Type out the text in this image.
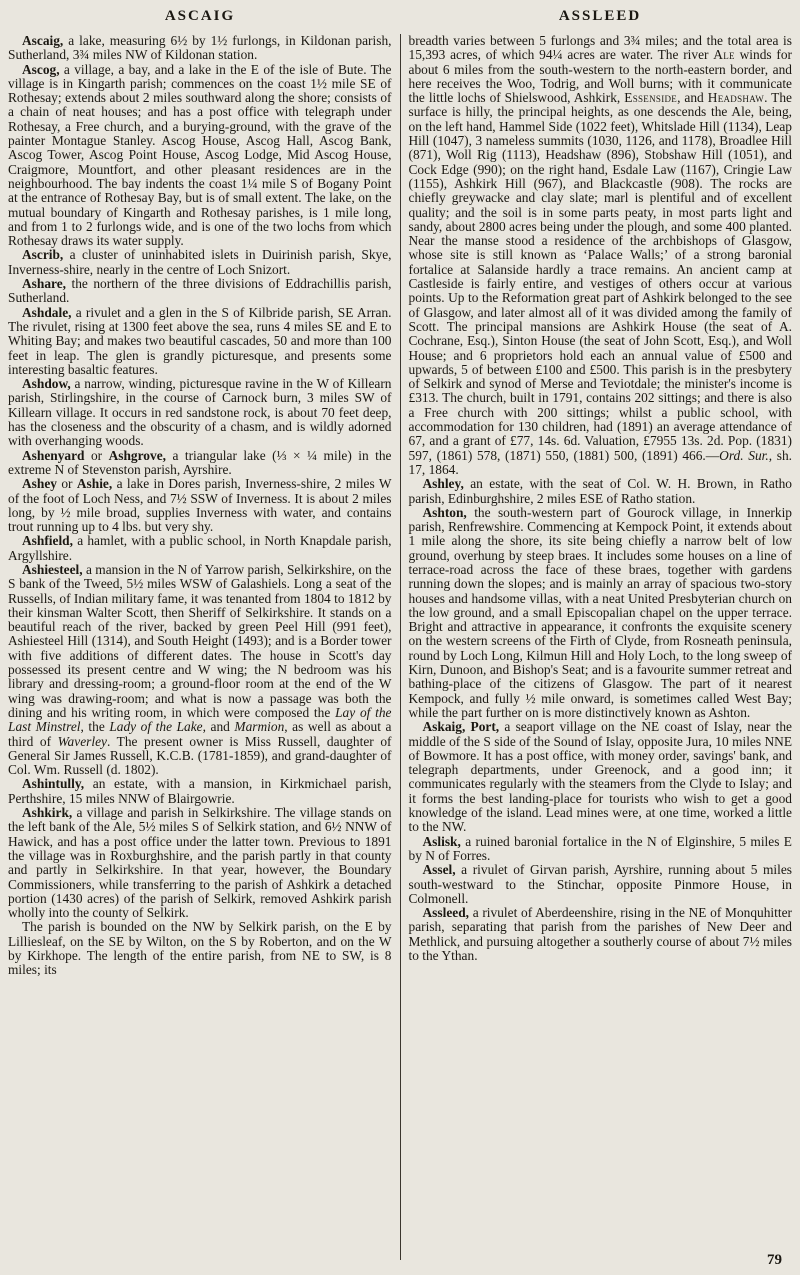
ASCAIG	ASSLEED

Ascaig, a lake, measuring 6½ by 1½ furlongs, in Kildonan parish, Sutherland, 3¾ miles NW of Kildonan station.

Ascog, a village, a bay, and a lake in the E of the isle of Bute. The village is in Kingarth parish; commences on the coast 1½ mile SE of Rothesay; extends about 2 miles southward along the shore; consists of a chain of neat houses; and has a post office with telegraph under Rothesay, a Free church, and a burying-ground, with the grave of the painter Montague Stanley. Ascog House, Ascog Hall, Ascog Bank, Ascog Tower, Ascog Point House, Ascog Lodge, Mid Ascog House, Craigmore, Mountfort, and other pleasant residences are in the neighbourhood. The bay indents the coast 1¼ mile S of Bogany Point at the entrance of Rothesay Bay, but is of small extent. The lake, on the mutual boundary of Kingarth and Rothesay parishes, is 1 mile long, and from 1 to 2 furlongs wide, and is one of the two lochs from which Rothesay draws its water supply.

Ascrib, a cluster of uninhabited islets in Duirinish parish, Skye, Inverness-shire, nearly in the centre of Loch Snizort.

Ashare, the northern of the three divisions of Eddrachillis parish, Sutherland.

Ashdale, a rivulet and a glen in the S of Kilbride parish, SE Arran. The rivulet, rising at 1300 feet above the sea, runs 4 miles SE and E to Whiting Bay; and makes two beautiful cascades, 50 and more than 100 feet in leap. The glen is grandly picturesque, and presents some interesting basaltic features.

Ashdow, a narrow, winding, picturesque ravine in the W of Killearn parish, Stirlingshire, in the course of Carnock burn, 3 miles SW of Killearn village. It occurs in red sandstone rock, is about 70 feet deep, has the closeness and the obscurity of a chasm, and is wildly adorned with overhanging woods.

Ashenyard or Ashgrove, a triangular lake (⅓ × ¼ mile) in the extreme N of Stevenston parish, Ayrshire.

Ashey or Ashie, a lake in Dores parish, Inverness-shire, 2 miles W of the foot of Loch Ness, and 7½ SSW of Inverness. It is about 2 miles long, by ½ mile broad, supplies Inverness with water, and contains trout running up to 4 lbs. but very shy.

Ashfield, a hamlet, with a public school, in North Knapdale parish, Argyllshire.

Ashiesteel, a mansion in the N of Yarrow parish, Selkirkshire, on the S bank of the Tweed, 5½ miles WSW of Galashiels. Long a seat of the Russells, of Indian military fame, it was tenanted from 1804 to 1812 by their kinsman Walter Scott, then Sheriff of Selkirkshire. It stands on a beautiful reach of the river, backed by green Peel Hill (991 feet), Ashiesteel Hill (1314), and South Height (1493); and is a Border tower with five additions of different dates. The house in Scott's day possessed its present centre and W wing; the N bedroom was his library and dressing-room; a ground-floor room at the end of the W wing was drawing-room; and what is now a passage was both the dining and his writing room, in which were composed the Lay of the Last Minstrel, the Lady of the Lake, and Marmion, as well as about a third of Waverley. The present owner is Miss Russell, daughter of General Sir James Russell, K.C.B. (1781-1859), and grand-daughter of Col. Wm. Russell (d. 1802).

Ashintully, an estate, with a mansion, in Kirkmichael parish, Perthshire, 15 miles NNW of Blairgowrie.

Ashkirk, a village and parish in Selkirkshire. The village stands on the left bank of the Ale, 5½ miles S of Selkirk station, and 6½ NNW of Hawick, and has a post office under the latter town. Previous to 1891 the village was in Roxburghshire, and the parish partly in that county and partly in Selkirkshire. In that year, however, the Boundary Commissioners, while transferring to the parish of Ashkirk a detached portion (1430 acres) of the parish of Selkirk, removed Ashkirk parish wholly into the county of Selkirk.

The parish is bounded on the NW by Selkirk parish, on the E by Lilliesleaf, on the SE by Wilton, on the S by Roberton, and on the W by Kirkhope. The length of the entire parish, from NE to SW, is 8 miles; its

breadth varies between 5 furlongs and 3¾ miles; and the total area is 15,393 acres, of which 94¼ acres are water. The river Ale winds for about 6 miles from the south-western to the north-eastern border, and here receives the Woo, Todrig, and Woll burns; with it communicate the little lochs of Shielswood, Ashkirk, Essenside, and Headshaw. The surface is hilly, the principal heights, as one descends the Ale, being, on the left hand, Hammel Side (1022 feet), Whitslade Hill (1134), Leap Hill (1047), 3 nameless summits (1030, 1126, and 1178), Broadlee Hill (871), Woll Rig (1113), Headshaw (896), Stobshaw Hill (1051), and Cock Edge (990); on the right hand, Esdale Law (1167), Cringie Law (1155), Ashkirk Hill (967), and Blackcastle (908). The rocks are chiefly greywacke and clay slate; marl is plentiful and of excellent quality; and the soil is in some parts peaty, in most parts light and sandy, about 2800 acres being under the plough, and some 400 planted. Near the manse stood a residence of the archbishops of Glasgow, whose site is still known as ‘Palace Walls;’ of a strong baronial fortalice at Salanside hardly a trace remains. An ancient camp at Castleside is fairly entire, and vestiges of others occur at various points. Up to the Reformation great part of Ashkirk belonged to the see of Glasgow, and later almost all of it was divided among the family of Scott. The principal mansions are Ashkirk House (the seat of A. Cochrane, Esq.), Sinton House (the seat of John Scott, Esq.), and Woll House; and 6 proprietors hold each an annual value of £500 and upwards, 5 of between £100 and £500. This parish is in the presbytery of Selkirk and synod of Merse and Teviotdale; the minister's income is £313. The church, built in 1791, contains 202 sittings; and there is also a Free church with 200 sittings; whilst a public school, with accommodation for 130 children, had (1891) an average attendance of 67, and a grant of £77, 14s. 6d. Valuation, £7955 13s. 2d. Pop. (1831) 597, (1861) 578, (1871) 550, (1881) 500, (1891) 466.—Ord. Sur., sh. 17, 1864.

Ashley, an estate, with the seat of Col. W. H. Brown, in Ratho parish, Edinburghshire, 2 miles ESE of Ratho station.

Ashton, the south-western part of Gourock village, in Innerkip parish, Renfrewshire. Commencing at Kempock Point, it extends about 1 mile along the shore, its site being chiefly a narrow belt of low ground, overhung by steep braes. It includes some houses on a line of terrace-road across the face of these braes, together with gardens running down the slopes; and is mainly an array of spacious two-story houses and handsome villas, with a neat United Presbyterian church on the low ground, and a small Episcopalian chapel on the upper terrace. Bright and attractive in appearance, it confronts the exquisite scenery on the western screens of the Firth of Clyde, from Rosneath peninsula, round by Loch Long, Kilmun Hill and Holy Loch, to the long sweep of Kirn, Dunoon, and Bishop's Seat; and is a favourite summer retreat and bathing-place of the citizens of Glasgow. The part of it nearest Kempock, and fully ½ mile onward, is sometimes called West Bay; while the part further on is more distinctively known as Ashton.

Askaig, Port, a seaport village on the NE coast of Islay, near the middle of the S side of the Sound of Islay, opposite Jura, 10 miles NNE of Bowmore. It has a post office, with money order, savings' bank, and telegraph departments, under Greenock, and a good inn; it communicates regularly with the steamers from the Clyde to Islay; and it forms the best landing-place for tourists who wish to get a good knowledge of the island. Lead mines were, at one time, worked a little to the NW.

Aslisk, a ruined baronial fortalice in the N of Elginshire, 5 miles E by N of Forres.

Assel, a rivulet of Girvan parish, Ayrshire, running about 5 miles south-westward to the Stinchar, opposite Pinmore House, in Colmonell.

Assleed, a rivulet of Aberdeenshire, rising in the NE of Monquhitter parish, separating that parish from the parishes of New Deer and Methlick, and pursuing altogether a southerly course of about 7½ miles to the Ythan.

79
